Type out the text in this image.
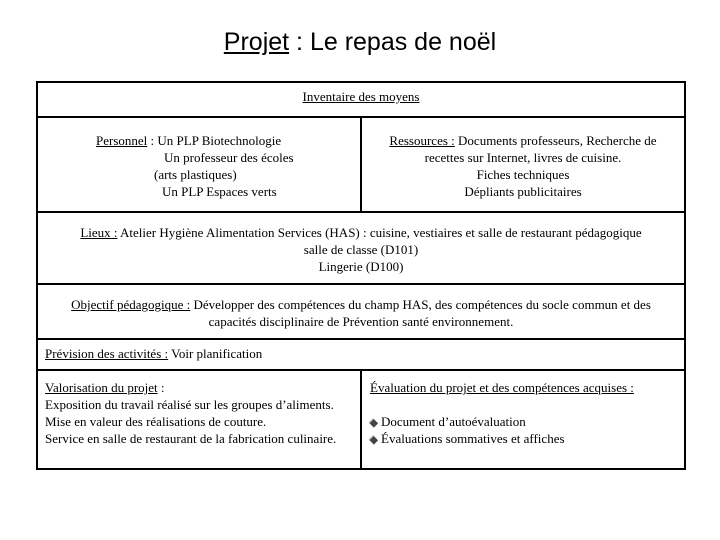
Projet : Le repas de noël
Inventaire des moyens
Personnel : Un PLP Biotechnologie
Un professeur des écoles
(arts plastiques)
Un PLP Espaces verts
Ressources : Documents professeurs, Recherche de
recettes sur Internet, livres de cuisine.
Fiches techniques
Dépliants publicitaires
Lieux : Atelier Hygiène Alimentation Services (HAS) : cuisine, vestiaires et salle de restaurant pédagogique
salle de classe (D101)
Lingerie (D100)
Objectif pédagogique : Développer des compétences du champ HAS, des compétences du socle commun et des
capacités disciplinaire de Prévention santé environnement.
Prévision des activités : Voir planification
Valorisation du projet :
Exposition du travail réalisé sur les groupes d’aliments.
Mise en valeur des réalisations de couture.
Service en salle de restaurant de la fabrication culinaire.
Évaluation du projet et des compétences acquises :
Document d’autoévaluation
Évaluations sommatives et affiches
